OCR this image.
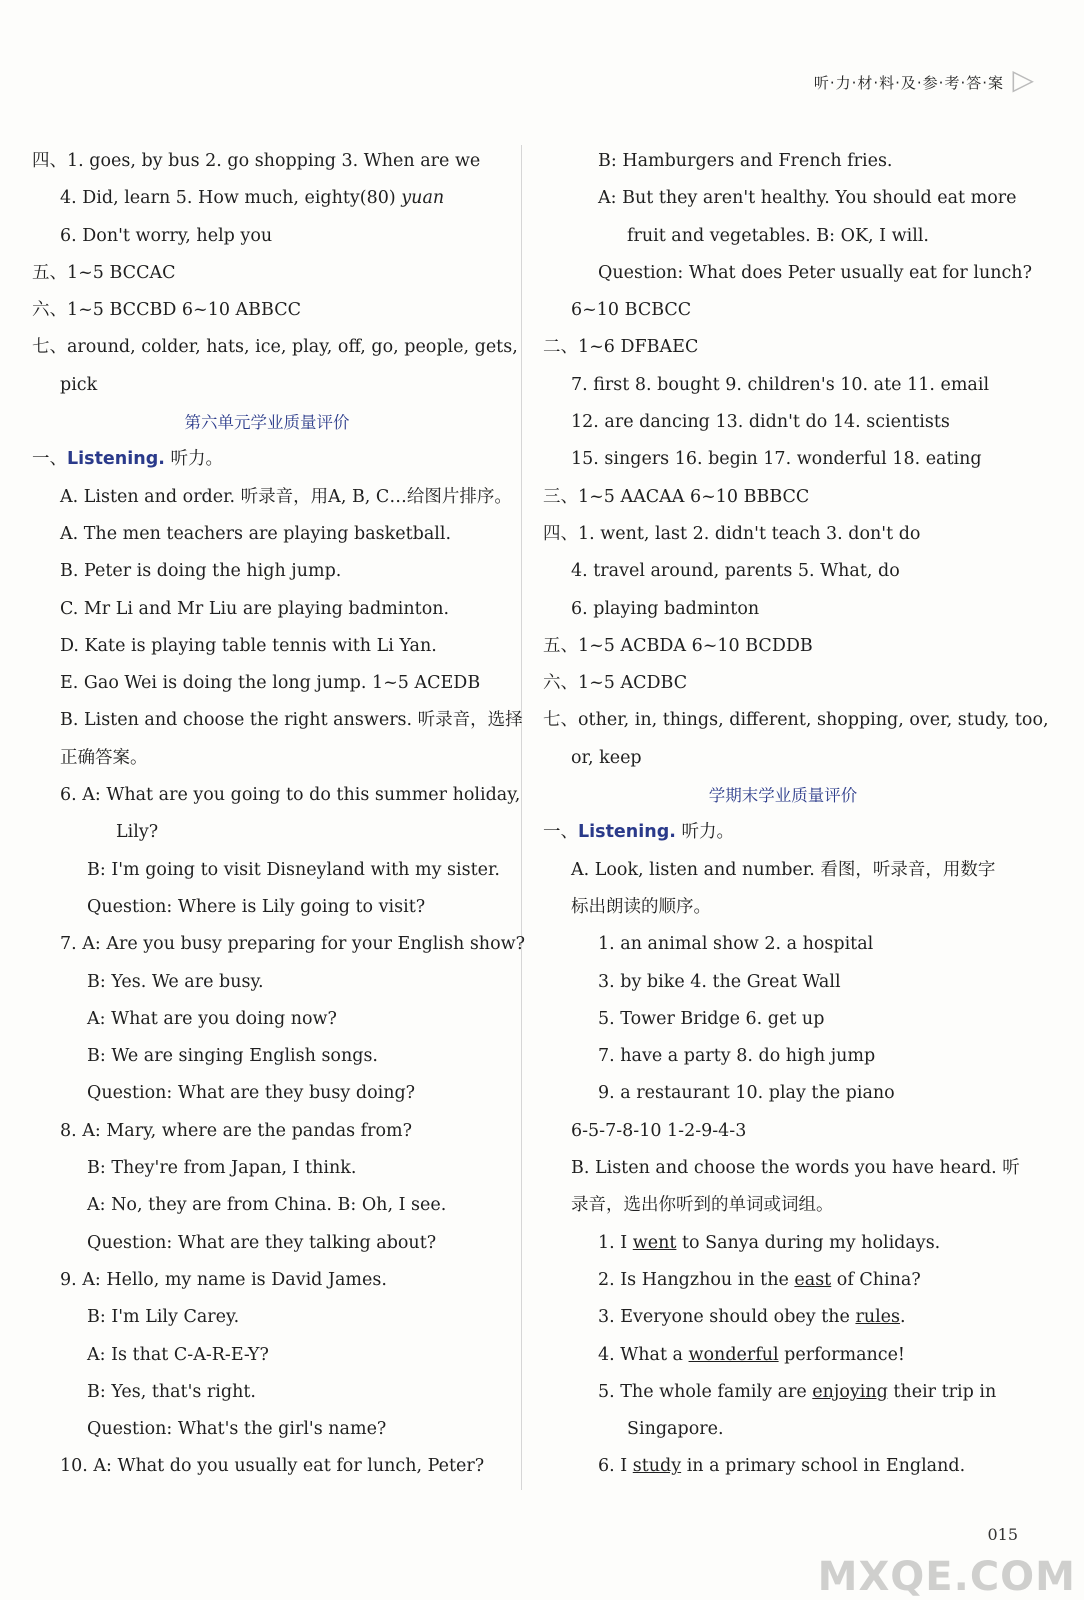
听·力·材·料·及·参·考·答·案 ▷
四、1. goes, by bus 2. go shopping 3. When are we
4. Did, learn 5. How much, eighty(80) yuan
6. Don't worry, help you
五、1~5 BCCAC
六、1~5 BCCBD 6~10 ABBCC
七、around, colder, hats, ice, play, off, go, people, gets,
pick
第六单元学业质量评价
一、Listening. 听力。
A. Listen and order. 听录音，用A, B, C…给图片排序。
A. The men teachers are playing basketball.
B. Peter is doing the high jump.
C. Mr Li and Mr Liu are playing badminton.
D. Kate is playing table tennis with Li Yan.
E. Gao Wei is doing the long jump. 1~5 ACEDB
B. Listen and choose the right answers. 听录音，选择
正确答案。
6. A: What are you going to do this summer holiday,
Lily?
B: I'm going to visit Disneyland with my sister.
Question: Where is Lily going to visit?
7. A: Are you busy preparing for your English show?
B: Yes. We are busy.
A: What are you doing now?
B: We are singing English songs.
Question: What are they busy doing?
8. A: Mary, where are the pandas from?
B: They're from Japan, I think.
A: No, they are from China. B: Oh, I see.
Question: What are they talking about?
9. A: Hello, my name is David James.
B: I'm Lily Carey.
A: Is that C-A-R-E-Y?
B: Yes, that's right.
Question: What's the girl's name?
10. A: What do you usually eat for lunch, Peter?
B: Hamburgers and French fries.
A: But they aren't healthy. You should eat more
fruit and vegetables. B: OK, I will.
Question: What does Peter usually eat for lunch?
6~10 BCBCC
二、1~6 DFBAEC
7. first 8. bought 9. children's 10. ate 11. email
12. are dancing 13. didn't do 14. scientists
15. singers 16. begin 17. wonderful 18. eating
三、1~5 AACAA 6~10 BBBCC
四、1. went, last 2. didn't teach 3. don't do
4. travel around, parents 5. What, do
6. playing badminton
五、1~5 ACBDA 6~10 BCDDB
六、1~5 ACDBC
七、other, in, things, different, shopping, over, study, too,
or, keep
学期末学业质量评价
一、Listening. 听力。
A. Look, listen and number. 看图，听录音，用数字
标出朗读的顺序。
1. an animal show 2. a hospital
3. by bike 4. the Great Wall
5. Tower Bridge 6. get up
7. have a party 8. do high jump
9. a restaurant 10. play the piano
6-5-7-8-10 1-2-9-4-3
B. Listen and choose the words you have heard. 听
录音，选出你听到的单词或词组。
1. I went to Sanya during my holidays.
2. Is Hangzhou in the east of China?
3. Everyone should obey the rules.
4. What a wonderful performance!
5. The whole family are enjoying their trip in
Singapore.
6. I study in a primary school in England.
015
MXQE.COM
